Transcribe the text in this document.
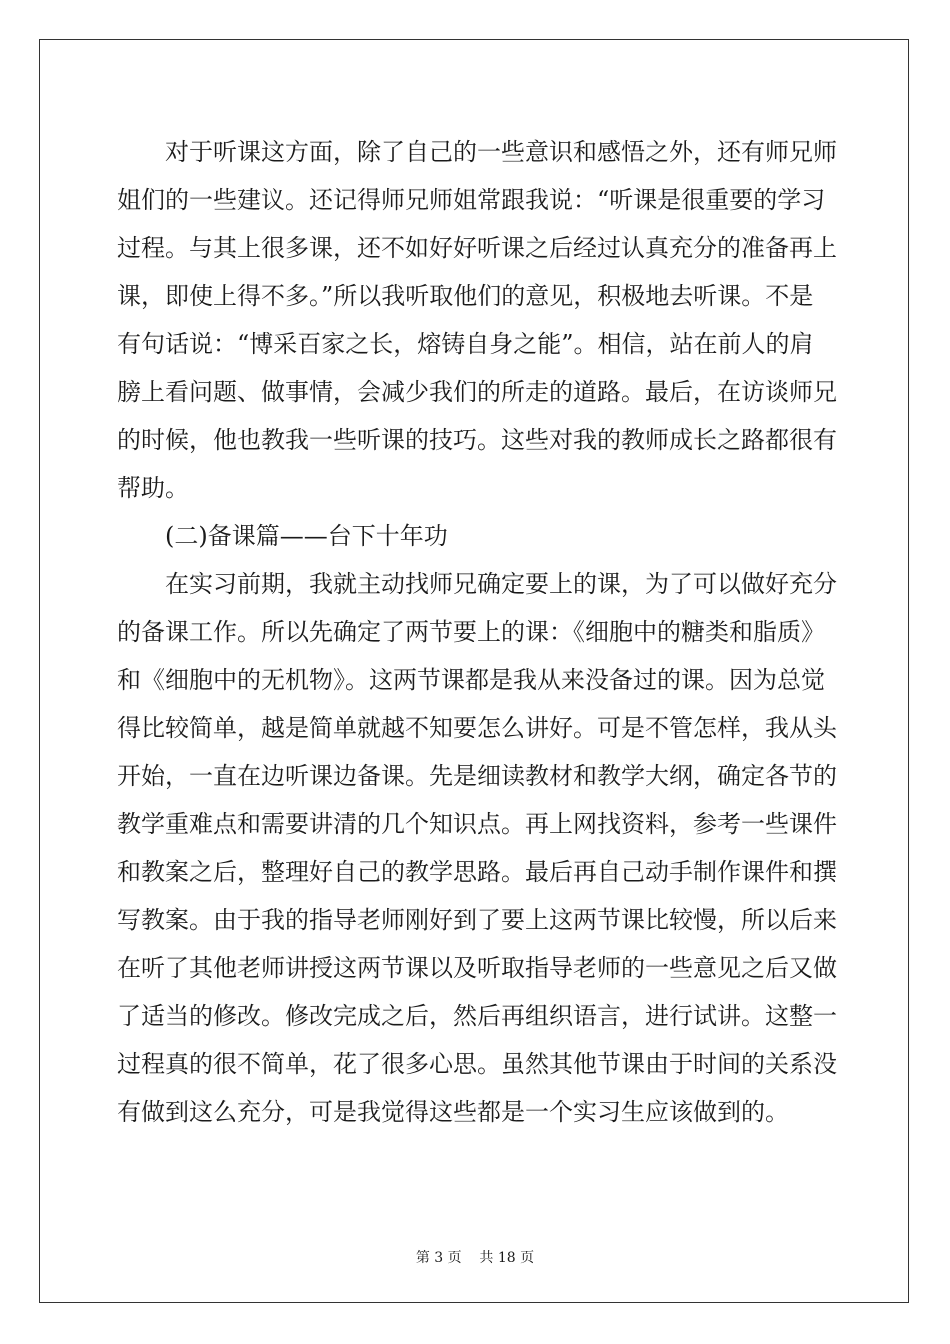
对于听课这方面，除了自己的一些意识和感悟之外，还有师兄师
姐们的一些建议。还记得师兄师姐常跟我说：“听课是很重要的学习
过程。与其上很多课，还不如好好听课之后经过认真充分的准备再上
课，即使上得不多。”所以我听取他们的意见，积极地去听课。不是
有句话说：“博采百家之长，熔铸自身之能”。相信，站在前人的肩
膀上看问题、做事情，会减少我们的所走的道路。最后，在访谈师兄
的时候，他也教我一些听课的技巧。这些对我的教师成长之路都很有
帮助。
(二)备课篇——台下十年功
在实习前期，我就主动找师兄确定要上的课，为了可以做好充分
的备课工作。所以先确定了两节要上的课：《细胞中的糖类和脂质》
和《细胞中的无机物》。这两节课都是我从来没备过的课。因为总觉
得比较简单，越是简单就越不知要怎么讲好。可是不管怎样，我从头
开始，一直在边听课边备课。先是细读教材和教学大纲，确定各节的
教学重难点和需要讲清的几个知识点。再上网找资料，参考一些课件
和教案之后，整理好自己的教学思路。最后再自己动手制作课件和撰
写教案。由于我的指导老师刚好到了要上这两节课比较慢，所以后来
在听了其他老师讲授这两节课以及听取指导老师的一些意见之后又做
了适当的修改。修改完成之后，然后再组织语言，进行试讲。这整一
过程真的很不简单，花了很多心思。虽然其他节课由于时间的关系没
有做到这么充分，可是我觉得这些都是一个实习生应该做到的。
第 3 页    共 18 页
